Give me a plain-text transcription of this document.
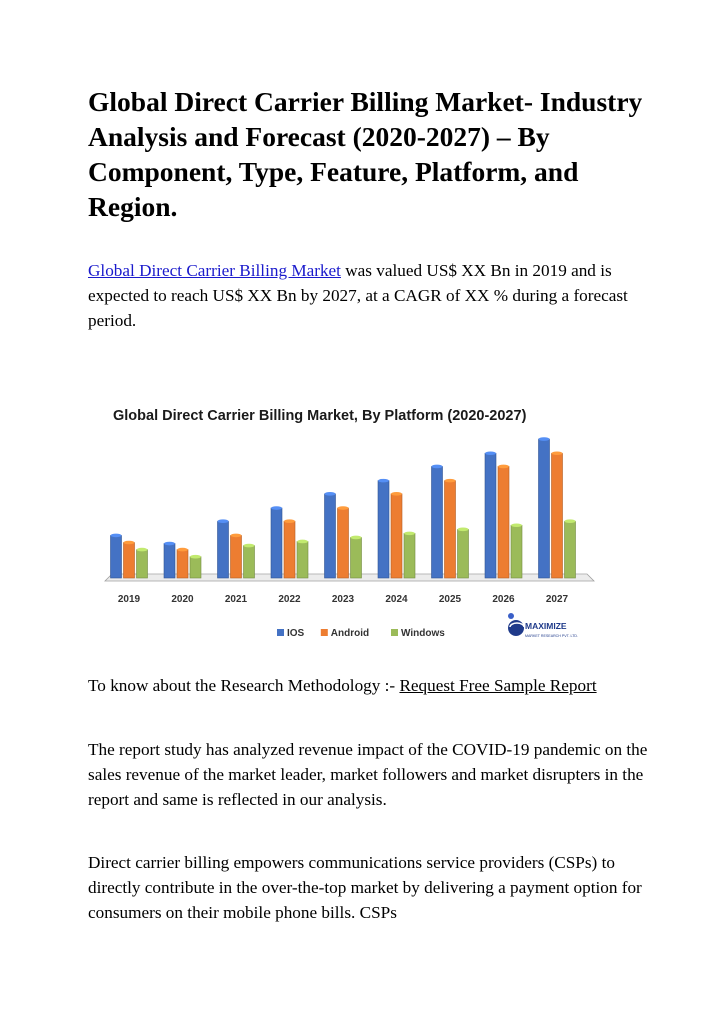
Global Direct Carrier Billing Market- Industry Analysis and Forecast (2020-2027) – By Component, Type, Feature, Platform, and Region.

Global Direct Carrier Billing Market was valued US$ XX Bn in 2019 and is expected to reach US$ XX Bn by 2027, at a CAGR of XX % during a forecast period.

Global Direct Carrier Billing Market, By Platform (2020-2027)
2019	2020	2021	2022	2023	2024	2025	2026	2027
IOS	Android	Windows
MAXIMIZE
MARKET RESEARCH PVT. LTD.

To know about the Research Methodology :- Request Free Sample Report

The report study has analyzed revenue impact of the COVID-19 pandemic on the sales revenue of the market leader, market followers and market disrupters in the report and same is reflected in our analysis.

Direct carrier billing empowers communications service providers (CSPs) to directly contribute in the over-the-top market by delivering a payment option for consumers on their mobile phone bills. CSPs
